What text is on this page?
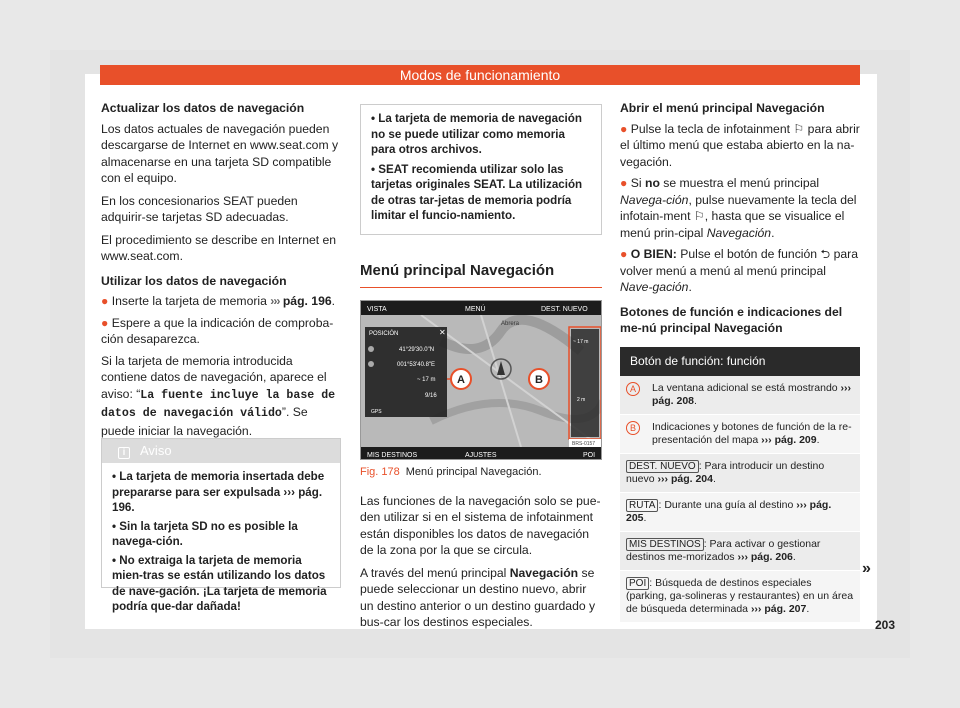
Modos de funcionamiento
Actualizar los datos de navegación

Los datos actuales de navegación pueden descargarse de Internet en www.seat.com y almacenarse en una tarjeta SD compatible con el equipo.

En los concesionarios SEAT pueden adquirir-se tarjetas SD adecuadas.

El procedimiento se describe en Internet en www.seat.com.

Utilizar los datos de navegación
● Inserte la tarjeta de memoria ››› pág. 196.
● Espere a que la indicación de comproba-ción desaparezca.

Si la tarjeta de memoria introducida contiene datos de navegación, aparece el aviso: “La fuente incluye la base de datos de navegación válido”. Se puede iniciar la navegación.

i Aviso
• La tarjeta de memoria insertada debe prepararse para ser expulsada ››› pág. 196.
• Sin la tarjeta SD no es posible la navega-ción.
• No extraiga la tarjeta de memoria mien-tras se están utilizando los datos de nave-gación. ¡La tarjeta de memoria podría que-dar dañada!
• La tarjeta de memoria de navegación no se puede utilizar como memoria para otros archivos.
• SEAT recomienda utilizar solo las tarjetas originales SEAT. La utilización de otras tar-jetas de memoria podría limitar el funcio-namiento.
Menú principal Navegación
VISTA	MENÚ	DEST. NUEVO
POSICIÓN	✕
41°29'30.0"N
001°53'40.8"E
~ 17 m
9/16
GPS
Abrera
A	B
~ 17 m
2 m
MIS DESTINOS	AJUSTES	POI
BRS-0157
Fig. 178 Menú principal Navegación.

Las funciones de la navegación solo se pue-den utilizar si en el sistema de infotainment están disponibles los datos de navegación de la zona por la que se circula.

A través del menú principal Navegación se puede seleccionar un destino nuevo, abrir un destino anterior o un destino guardado y bus-car los destinos especiales.

Abrir el menú principal Navegación
● Pulse la tecla de infotainment ⚐ para abrir el último menú que estaba abierto en la na-vegación.
● Si no se muestra el menú principal Navega-ción, pulse nuevamente la tecla del infotain-ment ⚐, hasta que se visualice el menú prin-cipal Navegación.
● O BIEN: Pulse el botón de función ⮌ para volver menú a menú al menú principal Nave-gación.
Botones de función e indicaciones del me-nú principal Navegación
Botón de función: función	
A	La ventana adicional se está mostrando ››› pág. 208.
B	Indicaciones y botones de función de la re-presentación del mapa ››› pág. 209.
DEST. NUEVO : Para introducir un destino nuevo ››› pág. 204.	
RUTA : Durante una guía al destino ››› pág. 205.	
MIS DESTINOS : Para activar o gestionar destinos me-morizados ››› pág. 206.	
POI : Búsqueda de destinos especiales (parking, ga-solineras y restaurantes) en un área de búsqueda determinada ››› pág. 207.	
»
203
